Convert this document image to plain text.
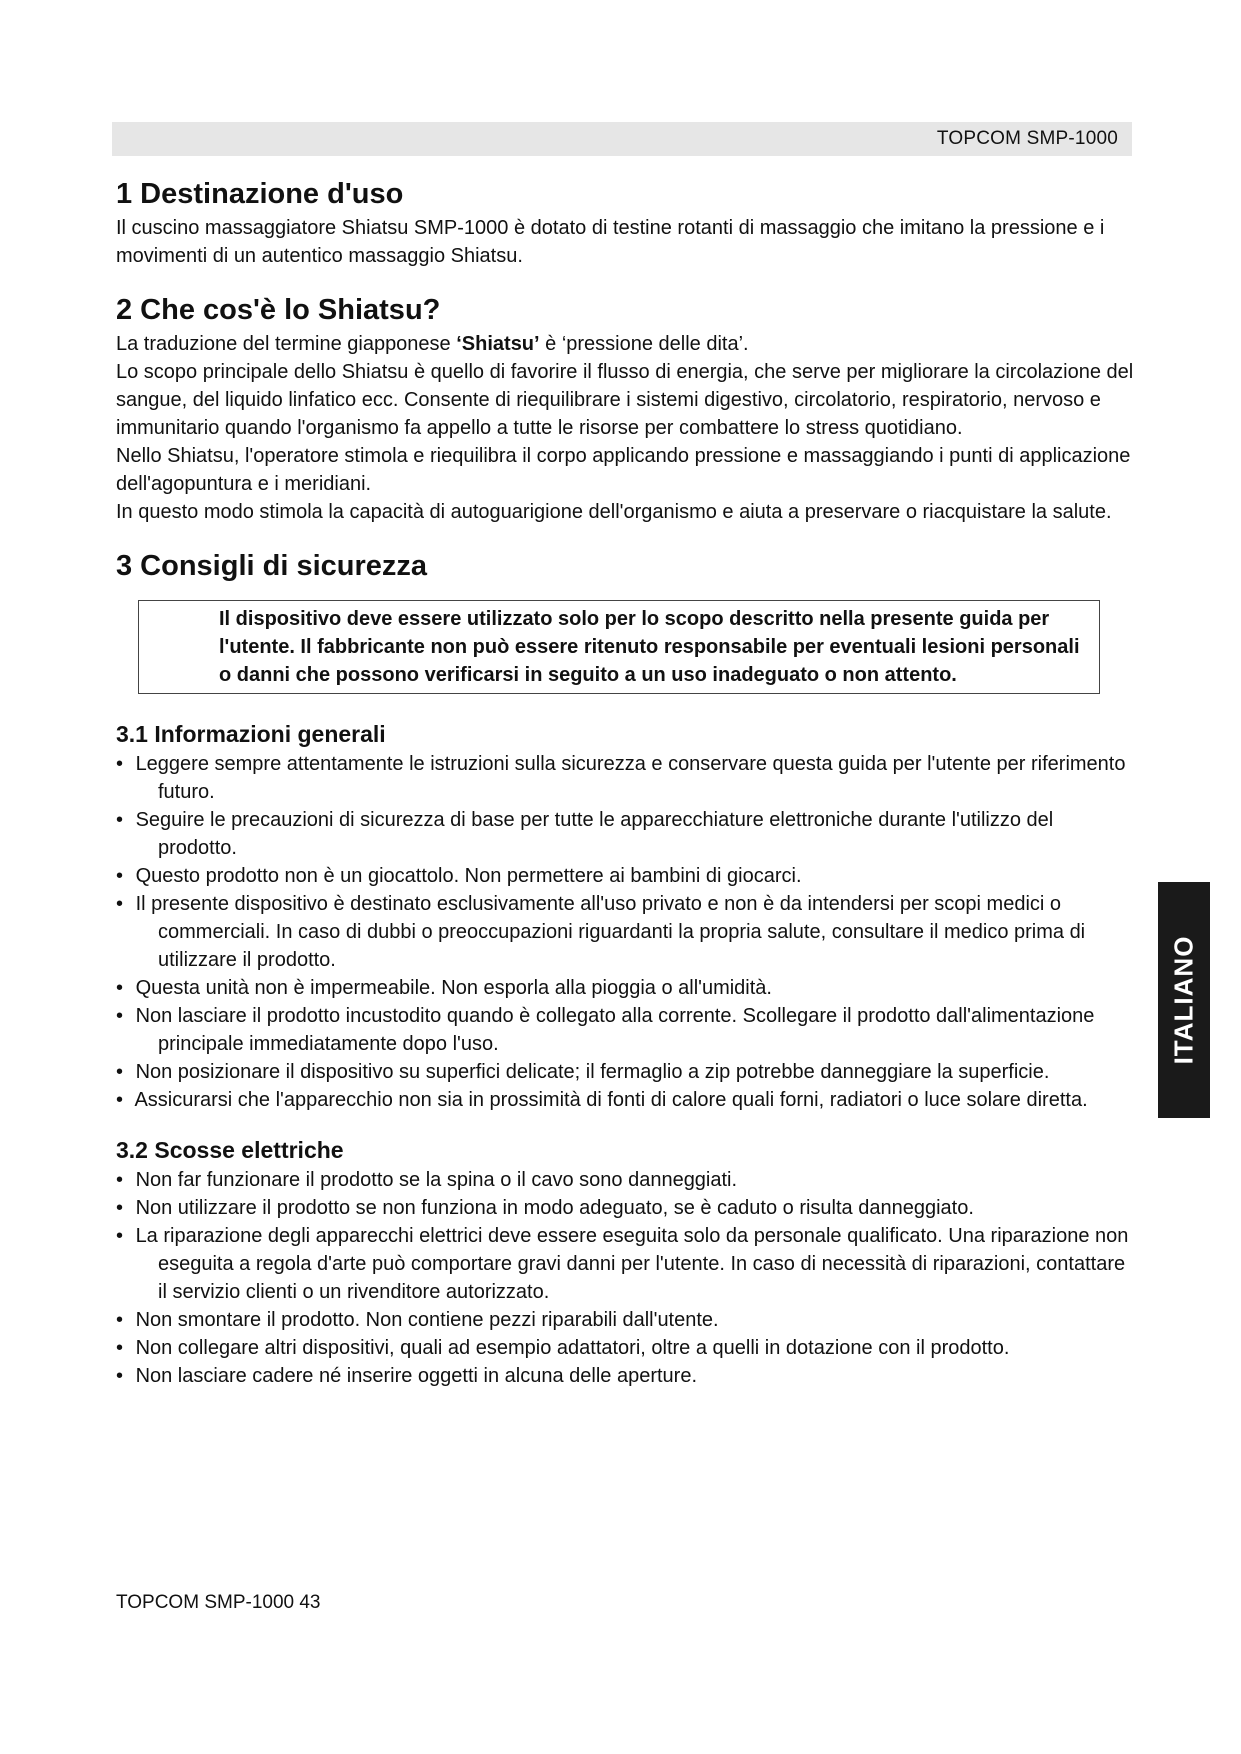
TOPCOM SMP-1000
ITALIANO
1 Destinazione d'uso

Il cuscino massaggiatore Shiatsu SMP-1000 è dotato di testine rotanti di massaggio che imitano la pressione e i movimenti di un autentico massaggio Shiatsu.

2 Che cos'è lo Shiatsu?

La traduzione del termine giapponese ‘Shiatsu’ è ‘pressione delle dita’.

Lo scopo principale dello Shiatsu è quello di favorire il flusso di energia, che serve per migliorare la circolazione del sangue, del liquido linfatico ecc. Consente di riequilibrare i sistemi digestivo, circolatorio, respiratorio, nervoso e immunitario quando l'organismo fa appello a tutte le risorse per combattere lo stress quotidiano.

Nello Shiatsu, l'operatore stimola e riequilibra il corpo applicando pressione e massaggiando i punti di applicazione dell'agopuntura e i meridiani.

In questo modo stimola la capacità di autoguarigione dell'organismo e aiuta a preservare o riacquistare la salute.

3 Consigli di sicurezza

Il dispositivo deve essere utilizzato solo per lo scopo descritto nella presente guida per l'utente. Il fabbricante non può essere ritenuto responsabile per eventuali lesioni personali o danni che possono verificarsi in seguito a un uso inadeguato o non attento.

3.1 Informazioni generali
• Leggere sempre attentamente le istruzioni sulla sicurezza e conservare questa guida per l'utente per riferimento futuro.
• Seguire le precauzioni di sicurezza di base per tutte le apparecchiature elettroniche durante l'utilizzo del prodotto.
• Questo prodotto non è un giocattolo. Non permettere ai bambini di giocarci.
• Il presente dispositivo è destinato esclusivamente all'uso privato e non è da intendersi per scopi medici o commerciali. In caso di dubbi o preoccupazioni riguardanti la propria salute, consultare il medico prima di utilizzare il prodotto.
• Questa unità non è impermeabile. Non esporla alla pioggia o all'umidità.
• Non lasciare il prodotto incustodito quando è collegato alla corrente. Scollegare il prodotto dall'alimentazione principale immediatamente dopo l'uso.
• Non posizionare il dispositivo su superfici delicate; il fermaglio a zip potrebbe danneggiare la superficie.
• Assicurarsi che l'apparecchio non sia in prossimità di fonti di calore quali forni, radiatori o luce solare diretta.
3.2 Scosse elettriche
• Non far funzionare il prodotto se la spina o il cavo sono danneggiati.
• Non utilizzare il prodotto se non funziona in modo adeguato, se è caduto o risulta danneggiato.
• La riparazione degli apparecchi elettrici deve essere eseguita solo da personale qualificato. Una riparazione non eseguita a regola d'arte può comportare gravi danni per l'utente. In caso di necessità di riparazioni, contattare il servizio clienti o un rivenditore autorizzato.
• Non smontare il prodotto. Non contiene pezzi riparabili dall'utente.
• Non collegare altri dispositivi, quali ad esempio adattatori, oltre a quelli in dotazione con il prodotto.
• Non lasciare cadere né inserire oggetti in alcuna delle aperture.
TOPCOM SMP-1000 43
